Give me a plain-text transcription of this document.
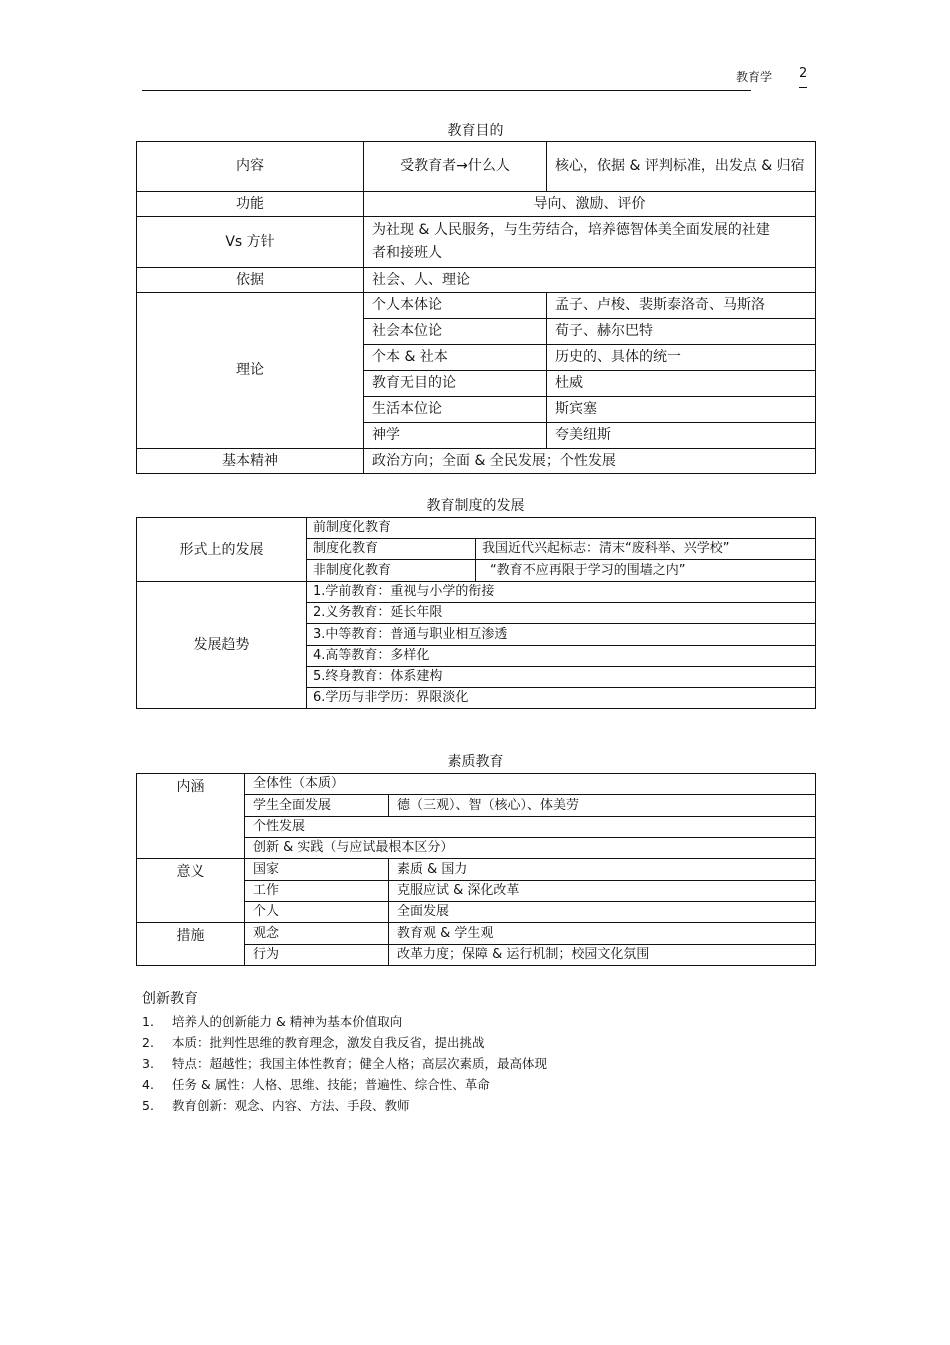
教育学 2
教育目的
内容	受教育者→什么人	核心，依据 & 评判标准，出发点 & 归宿
功能	导向、激励、评价	
Vs 方针	为社现 & 人民服务，与生劳结合，培养德智体美全面发展的社建者和接班人	
依据	社会、人、理论	
理论	个人本体论	孟子、卢梭、裴斯泰洛奇、马斯洛
	社会本位论	荀子、赫尔巴特
	个本 & 社本	历史的、具体的统一
	教育无目的论	杜威
	生活本位论	斯宾塞
	神学	夸美纽斯
基本精神	政治方向；全面 & 全民发展；个性发展	
教育制度的发展
形式上的发展	前制度化教育	
	制度化教育	我国近代兴起标志：清末“废科举、兴学校”
	非制度化教育	“教育不应再限于学习的围墙之内”
发展趋势	1.学前教育：重视与小学的衔接	
	2.义务教育：延长年限	
	3.中等教育：普通与职业相互渗透	
	4.高等教育：多样化	
	5.终身教育：体系建构	
	6.学历与非学历：界限淡化	
素质教育
内涵	全体性（本质）	
	学生全面发展	德（三观）、智（核心）、体美劳
	个性发展	
	创新 & 实践（与应试最根本区分）	
意义	国家	素质 & 国力
	工作	克服应试 & 深化改革
	个人	全面发展
措施	观念	教育观 & 学生观
	行为	改革力度；保障 & 运行机制；校园文化氛围
创新教育
1.	培养人的创新能力 & 精神为基本价值取向
2.	本质：批判性思维的教育理念，激发自我反省，提出挑战
3.	特点：超越性；我国主体性教育；健全人格；高层次素质，最高体现
4.	任务 & 属性：人格、思维、技能；普遍性、综合性、革命
5.	教育创新：观念、内容、方法、手段、教师
